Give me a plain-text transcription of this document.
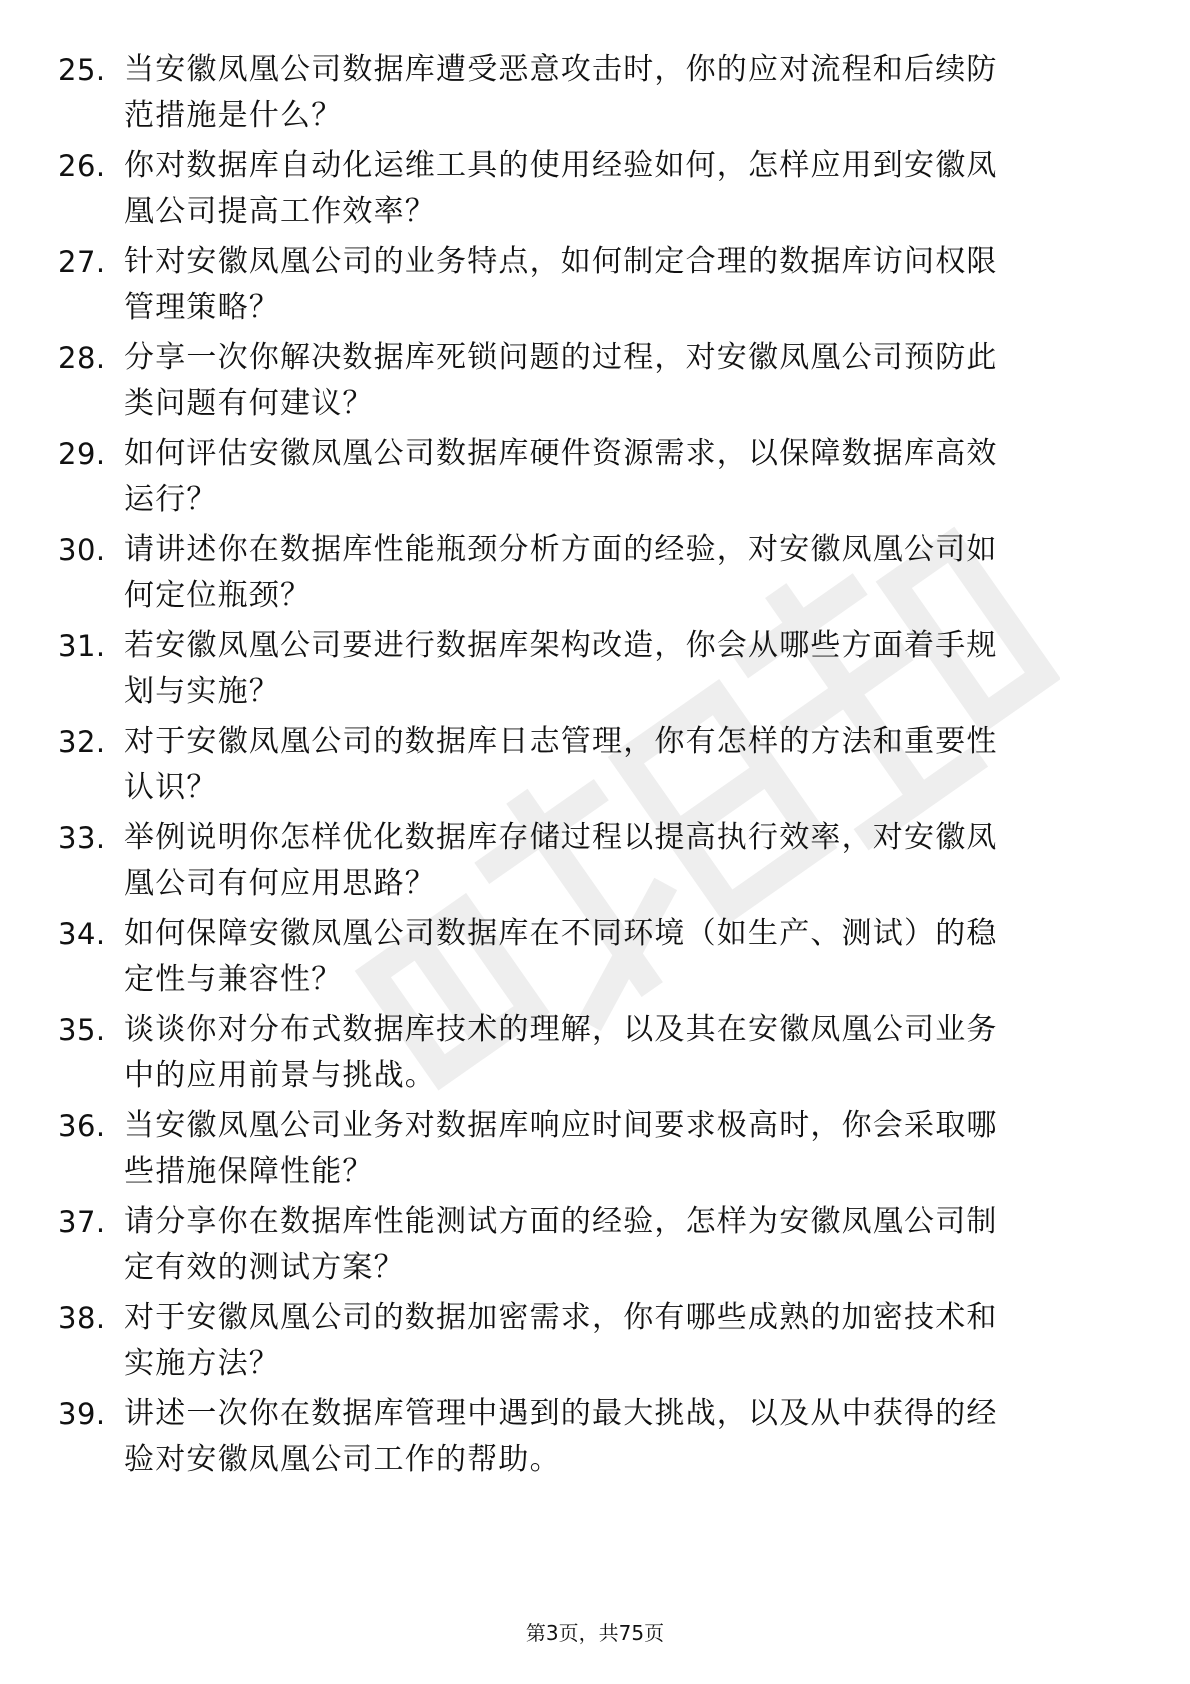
25. 当安徽凤凰公司数据库遭受恶意攻击时，你的应对流程和后续防
范措施是什么？
26. 你对数据库自动化运维工具的使用经验如何，怎样应用到安徽凤
凰公司提高工作效率？
27. 针对安徽凤凰公司的业务特点，如何制定合理的数据库访问权限
管理策略？
28. 分享一次你解决数据库死锁问题的过程，对安徽凤凰公司预防此
类问题有何建议？
29. 如何评估安徽凤凰公司数据库硬件资源需求，以保障数据库高效
运行？
30. 请讲述你在数据库性能瓶颈分析方面的经验，对安徽凤凰公司如
何定位瓶颈？
31. 若安徽凤凰公司要进行数据库架构改造，你会从哪些方面着手规
划与实施？
32. 对于安徽凤凰公司的数据库日志管理，你有怎样的方法和重要性
认识？
33. 举例说明你怎样优化数据库存储过程以提高执行效率，对安徽凤
凰公司有何应用思路？
34. 如何保障安徽凤凰公司数据库在不同环境（如生产、测试）的稳
定性与兼容性？
35. 谈谈你对分布式数据库技术的理解，以及其在安徽凤凰公司业务
中的应用前景与挑战。
36. 当安徽凤凰公司业务对数据库响应时间要求极高时，你会采取哪
些措施保障性能？
37. 请分享你在数据库性能测试方面的经验，怎样为安徽凤凰公司制
定有效的测试方案？
38. 对于安徽凤凰公司的数据加密需求，你有哪些成熟的加密技术和
实施方法？
39. 讲述一次你在数据库管理中遇到的最大挑战，以及从中获得的经
验对安徽凤凰公司工作的帮助。
第3页，共75页
